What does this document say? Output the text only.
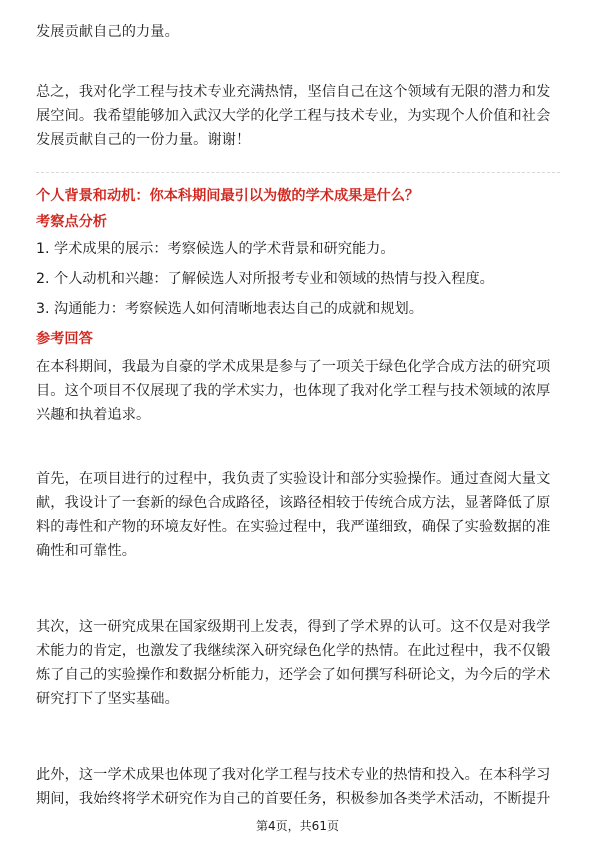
发展贡献自己的力量。

总之，我对化学工程与技术专业充满热情，坚信自己在这个领域有无限的潜力和发展空间。我希望能够加入武汉大学的化学工程与技术专业，为实现个人价值和社会发展贡献自己的一份力量。谢谢！

个人背景和动机：你本科期间最引以为傲的学术成果是什么？
考察点分析
1. 学术成果的展示：考察候选人的学术背景和研究能力。
2. 个人动机和兴趣：了解候选人对所报考专业和领域的热情与投入程度。
3. 沟通能力：考察候选人如何清晰地表达自己的成就和规划。
参考回答

在本科期间，我最为自豪的学术成果是参与了一项关于绿色化学合成方法的研究项目。这个项目不仅展现了我的学术实力，也体现了我对化学工程与技术领域的浓厚兴趣和执着追求。

首先，在项目进行的过程中，我负责了实验设计和部分实验操作。通过查阅大量文献，我设计了一套新的绿色合成路径，该路径相较于传统合成方法，显著降低了原料的毒性和产物的环境友好性。在实验过程中，我严谨细致，确保了实验数据的准确性和可靠性。

其次，这一研究成果在国家级期刊上发表，得到了学术界的认可。这不仅是对我学术能力的肯定，也激发了我继续深入研究绿色化学的热情。在此过程中，我不仅锻炼了自己的实验操作和数据分析能力，还学会了如何撰写科研论文，为今后的学术研究打下了坚实基础。

此外，这一学术成果也体现了我对化学工程与技术专业的热情和投入。在本科学习期间，我始终将学术研究作为自己的首要任务，积极参加各类学术活动，不断提升

第4页，共61页
